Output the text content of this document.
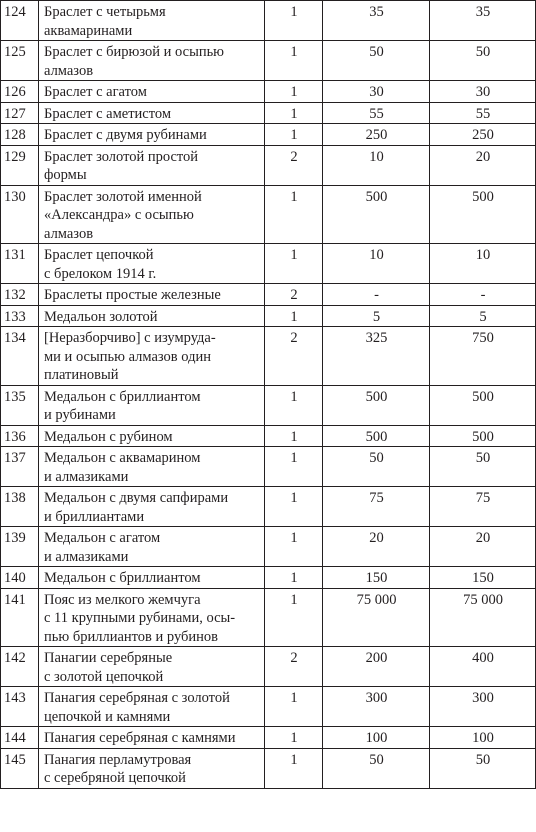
124	Браслет с четырьмя
аквамаринами	1	35	35
125	Браслет с бирюзой и осыпью
алмазов	1	50	50
126	Браслет с агатом	1	30	30
127	Браслет с аметистом	1	55	55
128	Браслет с двумя рубинами	1	250	250
129	Браслет золотой простой
формы	2	10	20
130	Браслет золотой именной
«Александра» с осыпью
алмазов	1	500	500
131	Браслет цепочкой
с брелоком 1914 г.	1	10	10
132	Браслеты простые железные	2	-	-
133	Медальон золотой	1	5	5
134	[Неразборчиво] с изумруда-
ми и осыпью алмазов один
платиновый	2	325	750
135	Медальон с бриллиантом
и рубинами	1	500	500
136	Медальон с рубином	1	500	500
137	Медальон с аквамарином
и алмазиками	1	50	50
138	Медальон с двумя сапфирами
и бриллиантами	1	75	75
139	Медальон с агатом
и алмазиками	1	20	20
140	Медальон с бриллиантом	1	150	150
141	Пояс из мелкого жемчуга
с 11 крупными рубинами, осы-
пью бриллиантов и рубинов	1	75 000	75 000
142	Панагии серебряные
с золотой цепочкой	2	200	400
143	Панагия серебряная с золотой
цепочкой и камнями	1	300	300
144	Панагия серебряная с камнями	1	100	100
145	Панагия перламутровая
с серебряной цепочкой	1	50	50
